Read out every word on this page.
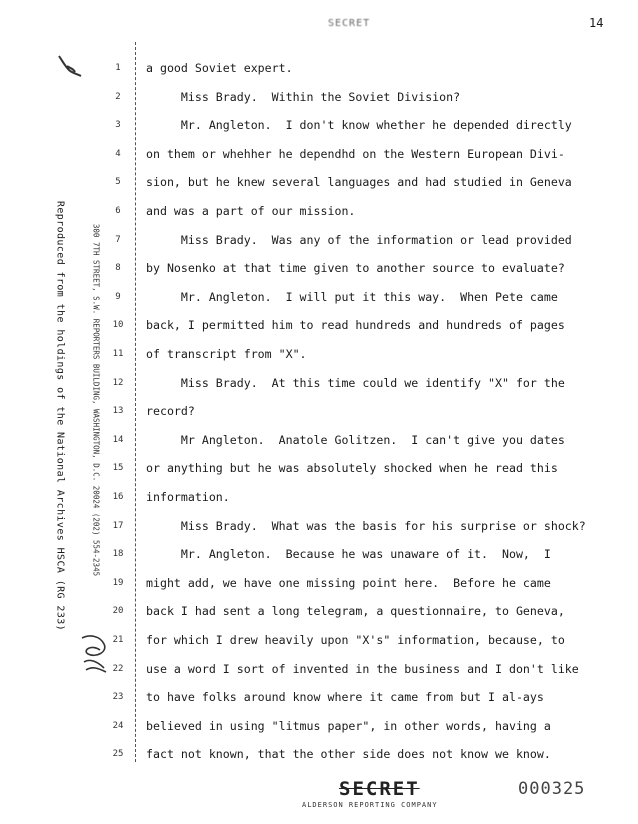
SECRET	14
Reproduced from the holdings of the National Archives HSCA (RG 233)	300 7TH STREET, S.W. REPORTERS BUILDING, WASHINGTON, D.C. 20024 (202) 554-2345
1	a good Soviet expert.
2	Miss Brady.  Within the Soviet Division?
3	Mr. Angleton.  I don't know whether he depended directly
4	on them or whehher he dependhd on the Western European Divi-
5	sion, but he knew several languages and had studied in Geneva
6	and was a part of our mission.
7	Miss Brady.  Was any of the information or lead provided
8	by Nosenko at that time given to another source to evaluate?
9	Mr. Angleton.  I will put it this way.  When Pete came
10	back, I permitted him to read hundreds and hundreds of pages
11	of transcript from "X".
12	Miss Brady.  At this time could we identify "X" for the
13	record?
14	Mr Angleton.  Anatole Golitzen.  I can't give you dates
15	or anything but he was absolutely shocked when he read this
16	information.
17	Miss Brady.  What was the basis for his surprise or shock?
18	Mr. Angleton.  Because he was unaware of it.  Now,  I
19	might add, we have one missing point here.  Before he came
20	back I had sent a long telegram, a questionnaire, to Geneva,
21	for which I drew heavily upon "X's" information, because, to
22	use a word I sort of invented in the business and I don't like
23	to have folks around know where it came from but I al-ays
24	believed in using "litmus paper", in other words, having a
25	fact not known, that the other side does not know we know.
SECRET
ALDERSON REPORTING COMPANY
000325
